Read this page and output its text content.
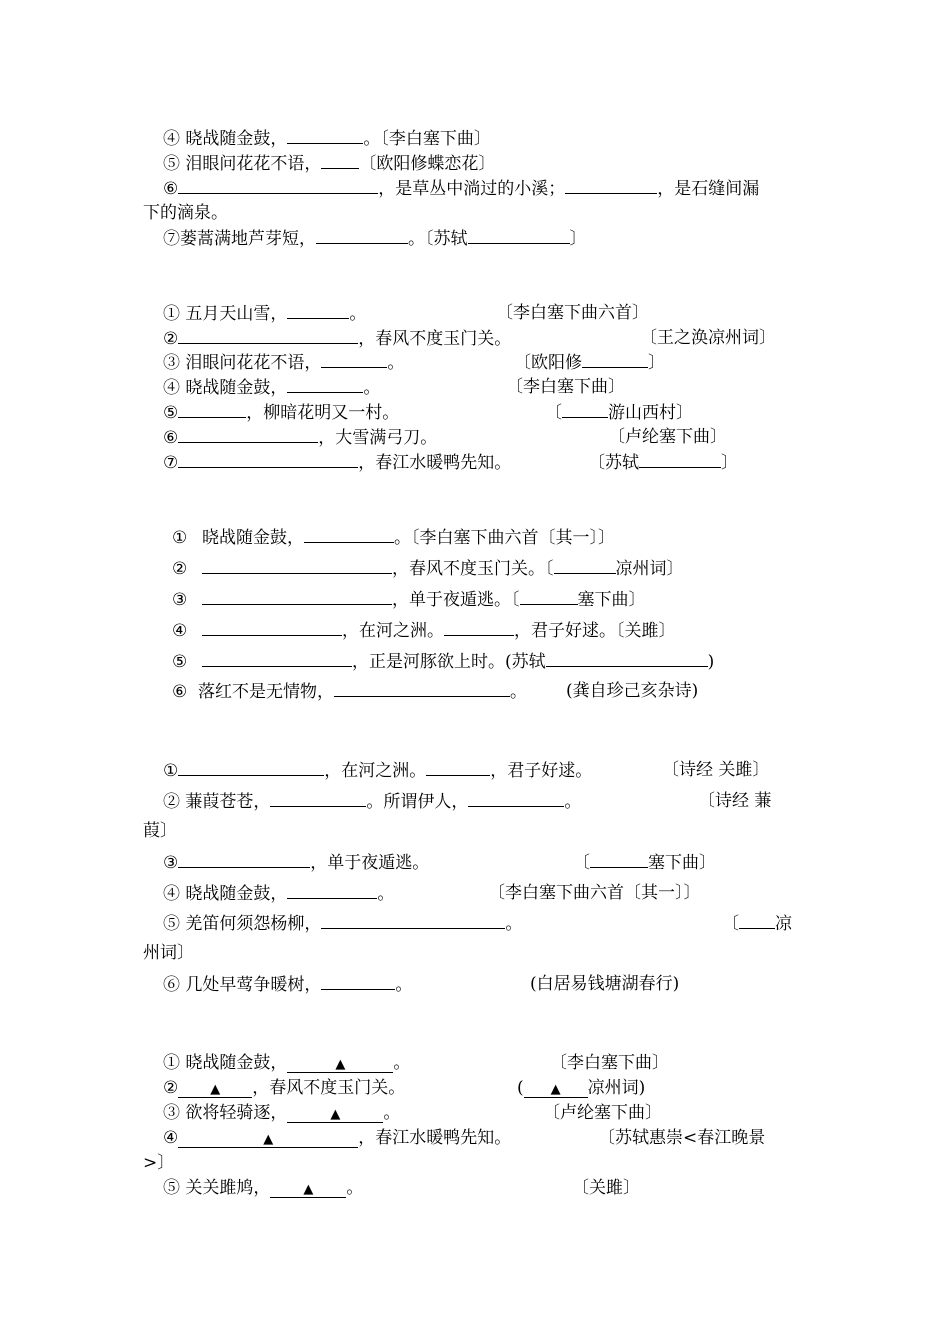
④ 晓战随金鼓，	。〔李白塞下曲〕
⑤ 泪眼问花花不语， 〔欧阳修蝶恋花〕
⑥	，是草丛中淌过的小溪；	，是石缝间漏
下的滴泉。
⑦蒌蒿满地芦芽短，	。〔苏轼	〕
① 五月天山雪，	。	〔李白塞下曲六首〕
②	，春风不度玉门关。	〔王之涣凉州词〕
③ 泪眼问花花不语，	。	〔欧阳修	〕
④ 晓战随金鼓，	。	〔李白塞下曲〕
⑤	，柳暗花明又一村。	〔	游山西村〕
⑥	，大雪满弓刀。	〔卢纶塞下曲〕
⑦	，春江水暖鸭先知。	〔苏轼	〕
① 晓战随金鼓，	。〔李白塞下曲六首〔其一〕〕
②	，春风不度玉门关。〔	凉州词〕
③	，单于夜遁逃。〔	塞下曲〕
④	，在河之洲。	，君子好逑。〔关雎〕
⑤	，正是河豚欲上时。(苏轼	)
⑥ 落红不是无情物，	。 (龚自珍己亥杂诗)
①	，在河之洲。	，君子好逑。	〔诗经 关雎〕
② 蒹葭苍苍，	。所谓伊人，	。	〔诗经 蒹
葭〕
③	，单于夜遁逃。	〔	塞下曲〕
④ 晓战随金鼓，	。	〔李白塞下曲六首〔其一〕〕
⑤ 羌笛何须怨杨柳，	。	〔 凉
州词〕
⑥ 几处早莺争暖树，	。	(白居易钱塘湖春行)
① 晓战随金鼓，	▲	。	〔李白塞下曲〕
② ▲ ，春风不度玉门关。	( ▲ 凉州词)
③ 欲将轻骑逐，	▲	。	〔卢纶塞下曲〕
④	▲	，春江水暖鸭先知。	〔苏轼惠崇<春江晚景
>〕
⑤ 关关雎鸠，	▲ 。	〔关雎〕
